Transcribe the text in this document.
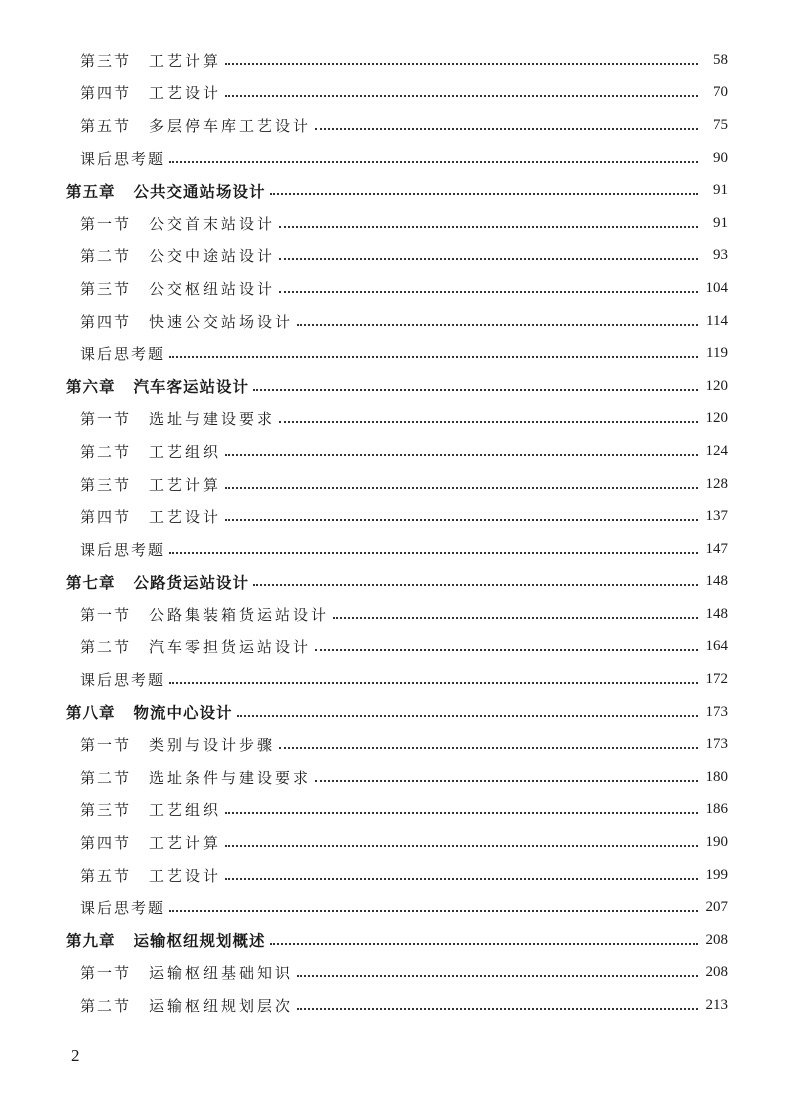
第三节 工艺计算	58
第四节 工艺设计	70
第五节 多层停车库工艺设计	75
课后思考题	90
第五章 公共交通站场设计	91
第一节 公交首末站设计	91
第二节 公交中途站设计	93
第三节 公交枢纽站设计	104
第四节 快速公交站场设计	114
课后思考题	119
第六章 汽车客运站设计	120
第一节 选址与建设要求	120
第二节 工艺组织	124
第三节 工艺计算	128
第四节 工艺设计	137
课后思考题	147
第七章 公路货运站设计	148
第一节 公路集装箱货运站设计	148
第二节 汽车零担货运站设计	164
课后思考题	172
第八章 物流中心设计	173
第一节 类别与设计步骤	173
第二节 选址条件与建设要求	180
第三节 工艺组织	186
第四节 工艺计算	190
第五节 工艺设计	199
课后思考题	207
第九章 运输枢纽规划概述	208
第一节 运输枢纽基础知识	208
第二节 运输枢纽规划层次	213
2
